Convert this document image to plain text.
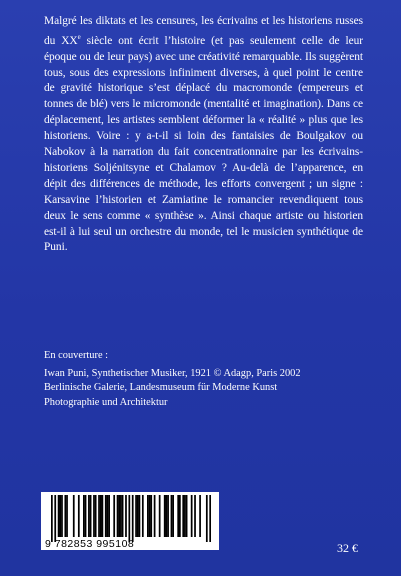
Malgré les diktats et les censures, les écrivains et les historiens russes du XXe siècle ont écrit l’histoire (et pas seulement celle de leur époque ou de leur pays) avec une créativité remarquable. Ils suggèrent tous, sous des expressions infiniment diverses, à quel point le centre de gravité historique s’est déplacé du macromonde (empereurs et tonnes de blé) vers le micromonde (mentalité et imagination). Dans ce déplacement, les artistes semblent déformer la « réalité » plus que les historiens. Voire : y a-t-il si loin des fantaisies de Boulgakov ou Nabokov à la narration du fait concentrationnaire par les écrivains-historiens Soljénitsyne et Chalamov ? Au-delà de l’apparence, en dépit des différences de méthode, les efforts convergent ; un signe : Karsavine l’historien et Zamiatine le romancier revendiquent tous deux le sens comme « synthèse ». Ainsi chaque artiste ou historien est-il à lui seul un orchestre du monde, tel le musicien synthétique de Puni.

En couverture :
Iwan Puni, Synthetischer Musiker, 1921 © Adagp, Paris 2002
Berlinische Galerie, Landesmuseum für Moderne Kunst
Photographie und Architektur
9 782853 995108	32 €
